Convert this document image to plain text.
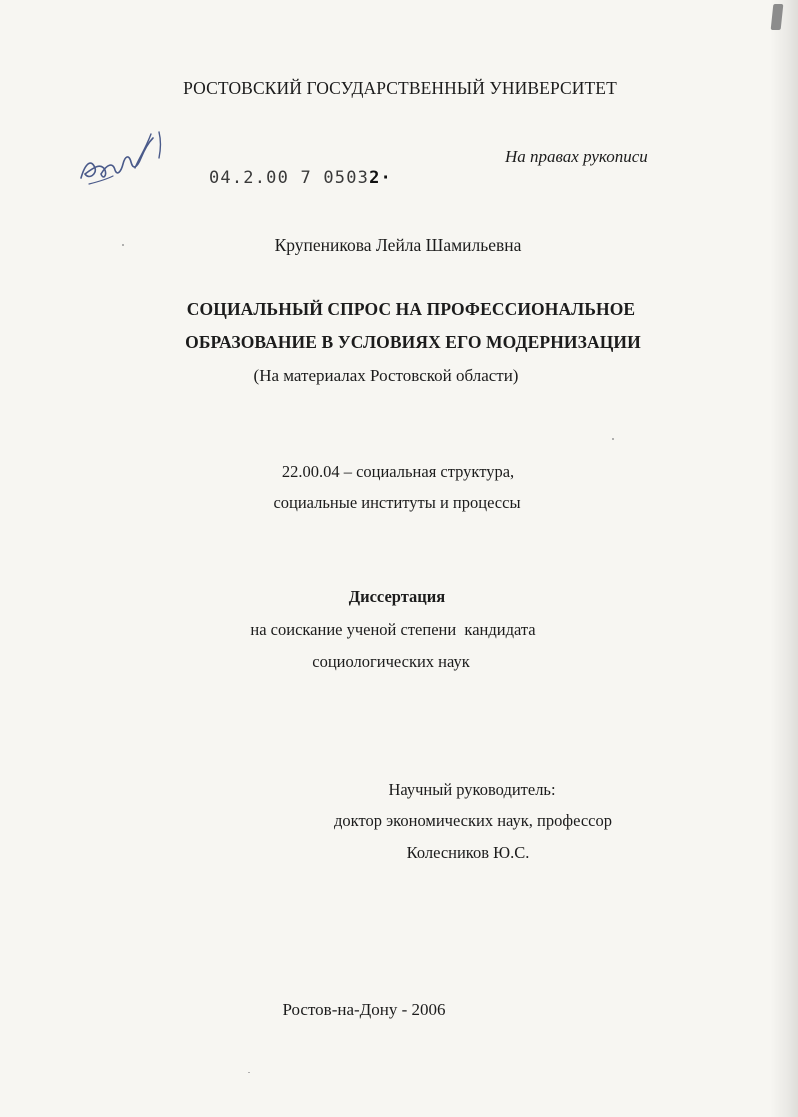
РОСТОВСКИЙ ГОСУДАРСТВЕННЫЙ УНИВЕРСИТЕТ
04.2.00 7 05032·
На правах рукописи
Крупеникова Лейла Шамильевна
СОЦИАЛЬНЫЙ СПРОС НА ПРОФЕССИОНАЛЬНОЕ
ОБРАЗОВАНИЕ В УСЛОВИЯХ ЕГО МОДЕРНИЗАЦИИ
(На материалах Ростовской области)
22.00.04 – социальная структура,
социальные институты и процессы
Диссертация
на соискание ученой степени  кандидата
социологических наук
Научный руководитель:
доктор экономических наук, профессор
Колесников Ю.С.
Ростов-на-Дону - 2006
